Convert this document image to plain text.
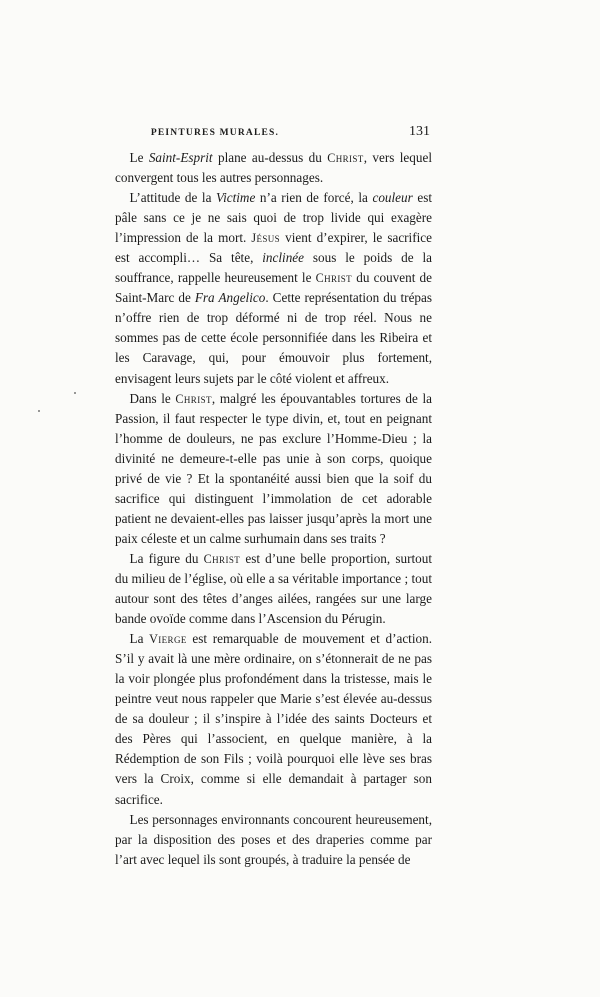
PEINTURES MURALES.	131

Le Saint-Esprit plane au-dessus du Christ, vers lequel convergent tous les autres personnages.

L’attitude de la Victime n’a rien de forcé, la couleur est pâle sans ce je ne sais quoi de trop livide qui exagère l’impression de la mort. Jésus vient d’expirer, le sacrifice est accompli… Sa tête, inclinée sous le poids de la souffrance, rappelle heureusement le Christ du couvent de Saint-Marc de Fra Angelico. Cette représentation du trépas n’offre rien de trop déformé ni de trop réel. Nous ne sommes pas de cette école personnifiée dans les Ribeira et les Caravage, qui, pour émouvoir plus fortement, envisagent leurs sujets par le côté violent et affreux.

Dans le Christ, malgré les épouvantables tortures de la Passion, il faut respecter le type divin, et, tout en peignant l’homme de douleurs, ne pas exclure l’Homme-Dieu ; la divinité ne demeure-t-elle pas unie à son corps, quoique privé de vie ? Et la spontanéité aussi bien que la soif du sacrifice qui distinguent l’immolation de cet adorable patient ne devaient-elles pas laisser jusqu’après la mort une paix céleste et un calme surhumain dans ses traits ?

La figure du Christ est d’une belle proportion, surtout du milieu de l’église, où elle a sa véritable importance ; tout autour sont des têtes d’anges ailées, rangées sur une large bande ovoïde comme dans l’Ascension du Pérugin.

La Vierge est remarquable de mouvement et d’action. S’il y avait là une mère ordinaire, on s’étonnerait de ne pas la voir plongée plus profondément dans la tristesse, mais le peintre veut nous rappeler que Marie s’est élevée au-dessus de sa douleur ; il s’inspire à l’idée des saints Docteurs et des Pères qui l’associent, en quelque manière, à la Rédemption de son Fils ; voilà pourquoi elle lève ses bras vers la Croix, comme si elle demandait à partager son sacrifice.

Les personnages environnants concourent heureusement, par la disposition des poses et des draperies comme par l’art avec lequel ils sont groupés, à traduire la pensée de
